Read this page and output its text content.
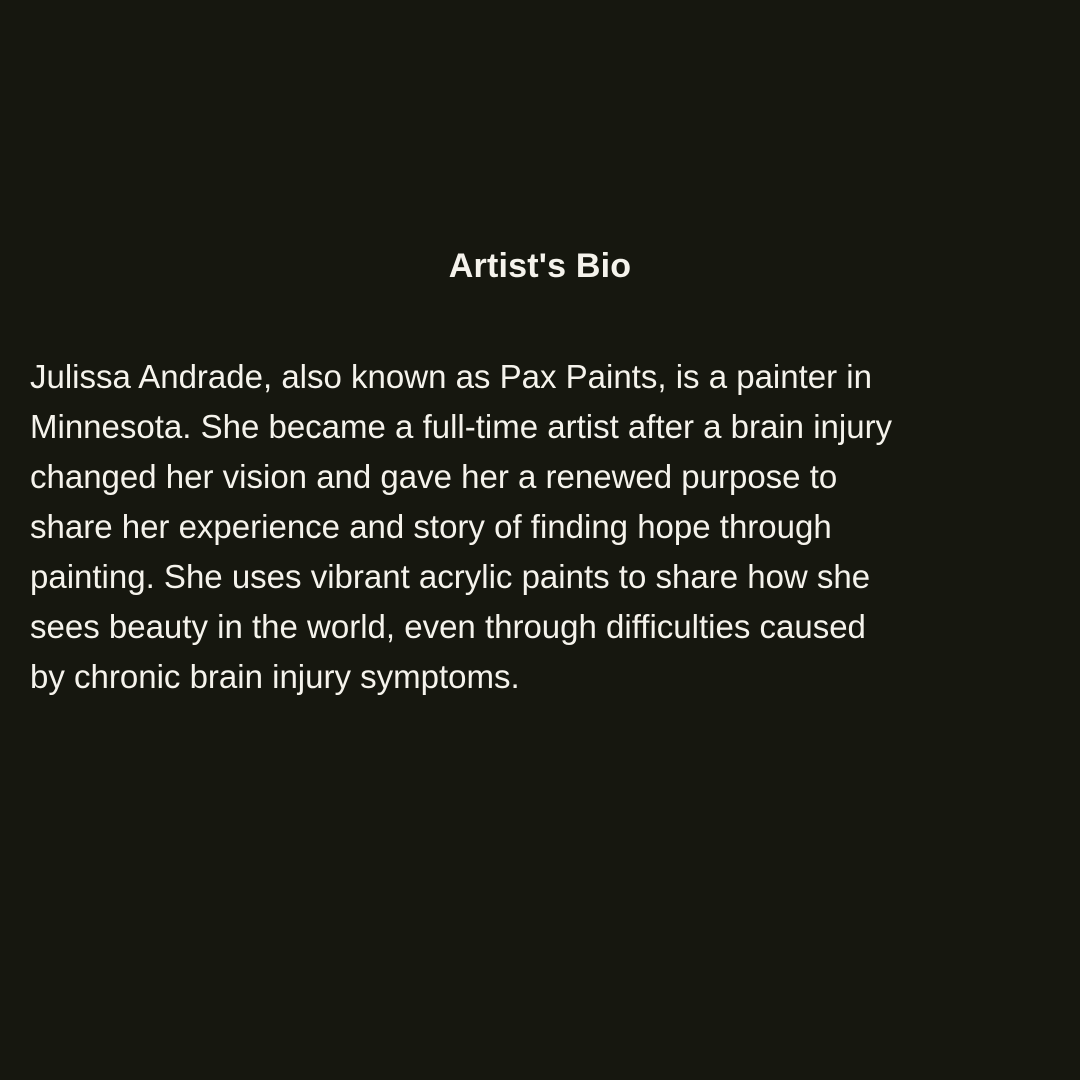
Artist's Bio
Julissa Andrade, also known as Pax Paints, is a painter in
Minnesota. She became a full-time artist after a brain injury
changed her vision and gave her a renewed purpose to
share her experience and story of finding hope through
painting. She uses vibrant acrylic paints to share how she
sees beauty in the world, even through difficulties caused
by chronic brain injury symptoms.
